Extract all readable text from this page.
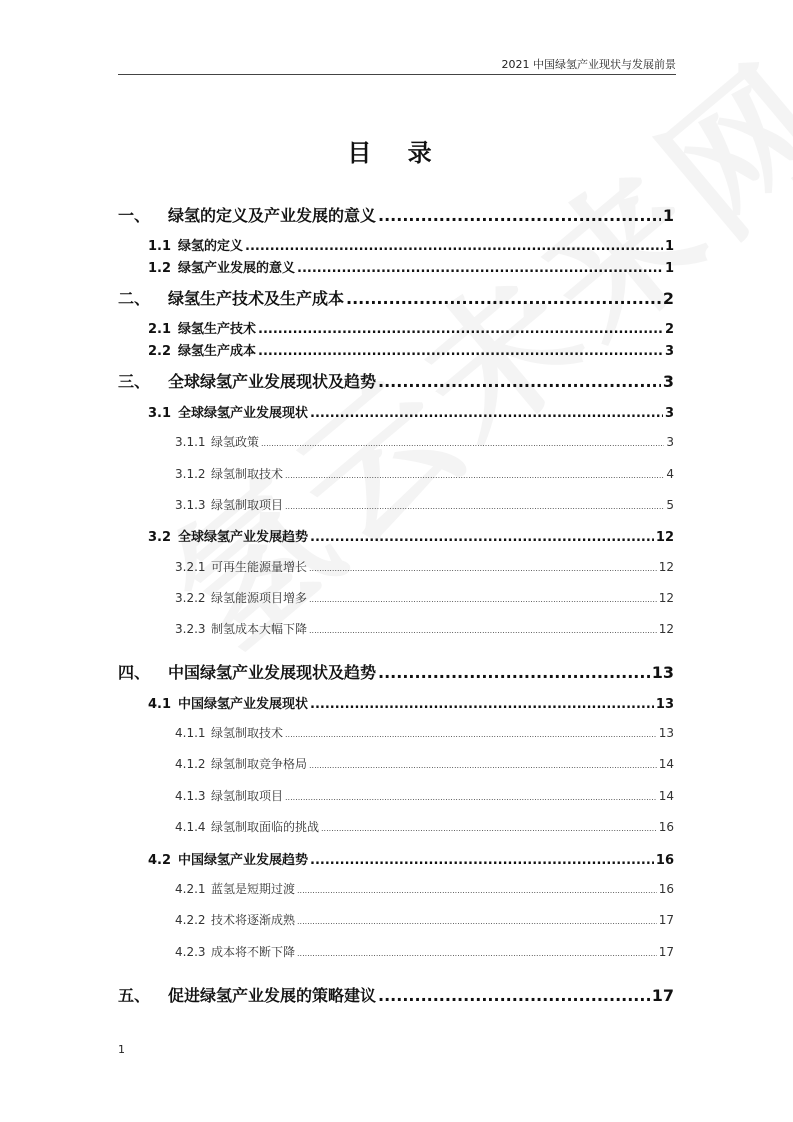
2021 中国绿氢产业现状与发展前景
目 录
一、	绿氢的定义及产业发展的意义 .....	1
1.1 绿氢的定义 .....	1
1.2 绿氢产业发展的意义 .....	1
二、	绿氢生产技术及生产成本 .....	2
2.1 绿氢生产技术 .....	2
2.2 绿氢生产成本 .....	3
三、	全球绿氢产业发展现状及趋势 .....	3
3.1 全球绿氢产业发展现状 .....	3
3.1.1 绿氢政策 .....	3
3.1.2 绿氢制取技术 .....	4
3.1.3 绿氢制取项目 .....	5
3.2 全球绿氢产业发展趋势 .....	12
3.2.1 可再生能源量增长 .....	12
3.2.2 绿氢能源项目增多 .....	12
3.2.3 制氢成本大幅下降 .....	12
四、	中国绿氢产业发展现状及趋势 .....	13
4.1 中国绿氢产业发展现状 .....	13
4.1.1 绿氢制取技术 .....	13
4.1.2 绿氢制取竞争格局 .....	14
4.1.3 绿氢制取项目 .....	14
4.1.4 绿氢制取面临的挑战 .....	16
4.2 中国绿氢产业发展趋势 .....	16
4.2.1 蓝氢是短期过渡 .....	16
4.2.2 技术将逐渐成熟 .....	17
4.2.3 成本将不断下降 .....	17
五、	促进绿氢产业发展的策略建议 .....	17
1
